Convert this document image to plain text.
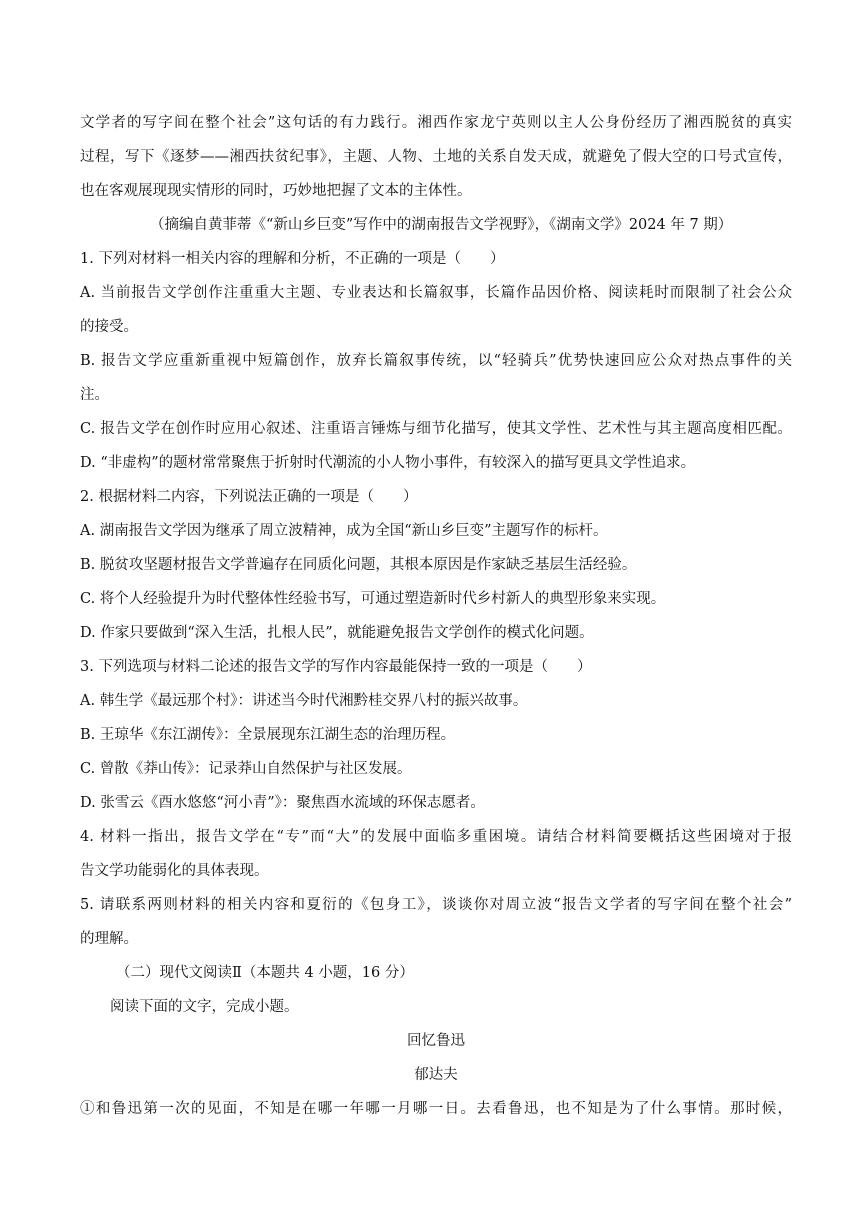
文学者的写字间在整个社会”这句话的有力践行。湘西作家龙宁英则以主人公身份经历了湘西脱贫的真实
过程，写下《逐梦——湘西扶贫纪事》，主题、人物、土地的关系自发天成，就避免了假大空的口号式宣传，
也在客观展现现实情形的同时，巧妙地把握了文本的主体性。
（摘编自黄菲蒂《“新山乡巨变”写作中的湖南报告文学视野》，《湖南文学》2024 年 7 期）
1. 下列对材料一相关内容的理解和分析，不正确的一项是（　　）
A. 当前报告文学创作注重重大主题、专业表达和长篇叙事，长篇作品因价格、阅读耗时而限制了社会公众
的接受。
B. 报告文学应重新重视中短篇创作，放弃长篇叙事传统，以“轻骑兵”优势快速回应公众对热点事件的关
注。
C. 报告文学在创作时应用心叙述、注重语言锤炼与细节化描写，使其文学性、艺术性与其主题高度相匹配。
D. “非虚构”的题材常常聚焦于折射时代潮流的小人物小事件，有较深入的描写更具文学性追求。
2. 根据材料二内容，下列说法正确的一项是（　　）
A. 湖南报告文学因为继承了周立波精神，成为全国“新山乡巨变”主题写作的标杆。
B. 脱贫攻坚题材报告文学普遍存在同质化问题，其根本原因是作家缺乏基层生活经验。
C. 将个人经验提升为时代整体性经验书写，可通过塑造新时代乡村新人的典型形象来实现。
D. 作家只要做到“深入生活，扎根人民”，就能避免报告文学创作的模式化问题。
3. 下列选项与材料二论述的报告文学的写作内容最能保持一致的一项是（　　）
A. 韩生学《最远那个村》：讲述当今时代湘黔桂交界八村的振兴故事。
B. 王琼华《东江湖传》：全景展现东江湖生态的治理历程。
C. 曾散《莽山传》：记录莽山自然保护与社区发展。
D. 张雪云《酉水悠悠“河小青”》：聚焦酉水流域的环保志愿者。
4. 材料一指出，报告文学在“专”而“大”的发展中面临多重困境。请结合材料简要概括这些困境对于报
告文学功能弱化的具体表现。
5. 请联系两则材料的相关内容和夏衍的《包身工》，谈谈你对周立波“报告文学者的写字间在整个社会”
的理解。
（二）现代文阅读Ⅱ（本题共 4 小题，16 分）
阅读下面的文字，完成小题。
回忆鲁迅
郁达夫
①和鲁迅第一次的见面，不知是在哪一年哪一月哪一日。去看鲁迅，也不知是为了什么事情。那时候，
